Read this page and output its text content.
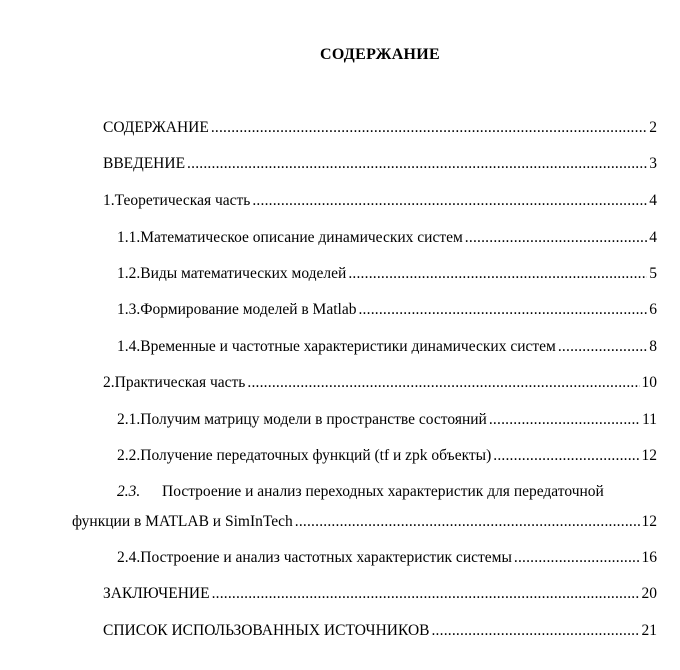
СОДЕРЖАНИЕ
СОДЕРЖАНИЕ .....	2
ВВЕДЕНИЕ .....	3
1. Теоретическая часть .....	4
1.1. Математическое описание динамических систем .....	4
1.2. Виды математических моделей .....	5
1.3. Формирование моделей в Matlab .....	6
1.4. Временные и частотные характеристики динамических систем .....	8
2. Практическая часть .....	10
2.1. Получим матрицу модели в пространстве состояний .....	11
2.2. Получение передаточных функций (tf и zpk объекты) .....	12
2.3. Построение и анализ переходных характеристик для передаточной
функции в MATLAB и SimInTech .....	12
2.4. Построение и анализ частотных характеристик системы .....	16
ЗАКЛЮЧЕНИЕ .....	20
СПИСОК ИСПОЛЬЗОВАННЫХ ИСТОЧНИКОВ .....	21
